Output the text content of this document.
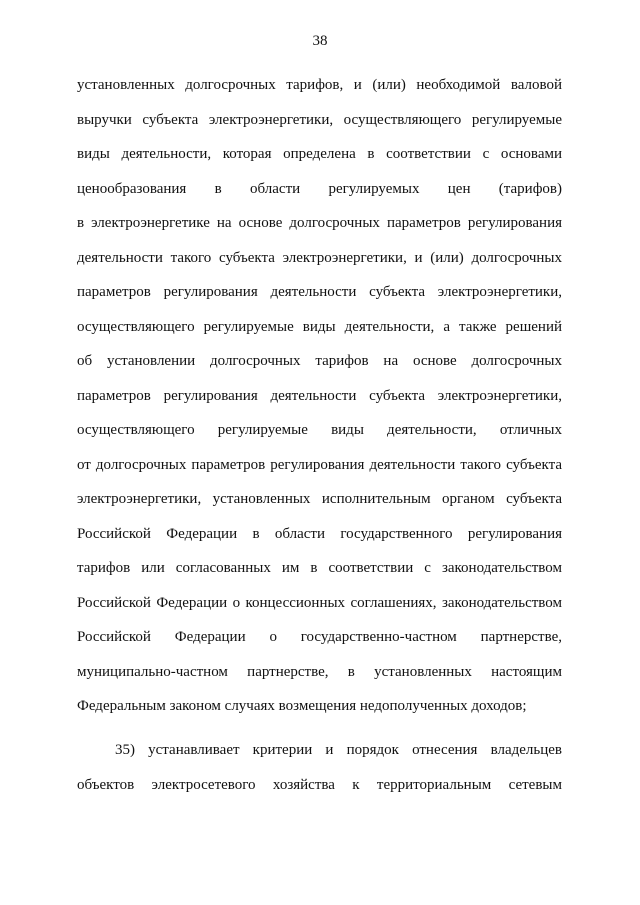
38
установленных долгосрочных тарифов, и (или) необходимой валовой
выручки субъекта электроэнергетики, осуществляющего регулируемые
виды деятельности, которая определена в соответствии с основами
ценообразования в области регулируемых цен (тарифов)
в электроэнергетике на основе долгосрочных параметров регулирования
деятельности такого субъекта электроэнергетики, и (или) долгосрочных
параметров регулирования деятельности субъекта электроэнергетики,
осуществляющего регулируемые виды деятельности, а также решений
об установлении долгосрочных тарифов на основе долгосрочных
параметров регулирования деятельности субъекта электроэнергетики,
осуществляющего регулируемые виды деятельности, отличных
от долгосрочных параметров регулирования деятельности такого субъекта
электроэнергетики, установленных исполнительным органом субъекта
Российской Федерации в области государственного регулирования
тарифов или согласованных им в соответствии с законодательством
Российской Федерации о концессионных соглашениях, законодательством
Российской Федерации о государственно-частном партнерстве,
муниципально-частном партнерстве, в установленных настоящим
Федеральным законом случаях возмещения недополученных доходов;
35) устанавливает критерии и порядок отнесения владельцев
объектов электросетевого хозяйства к территориальным сетевым
